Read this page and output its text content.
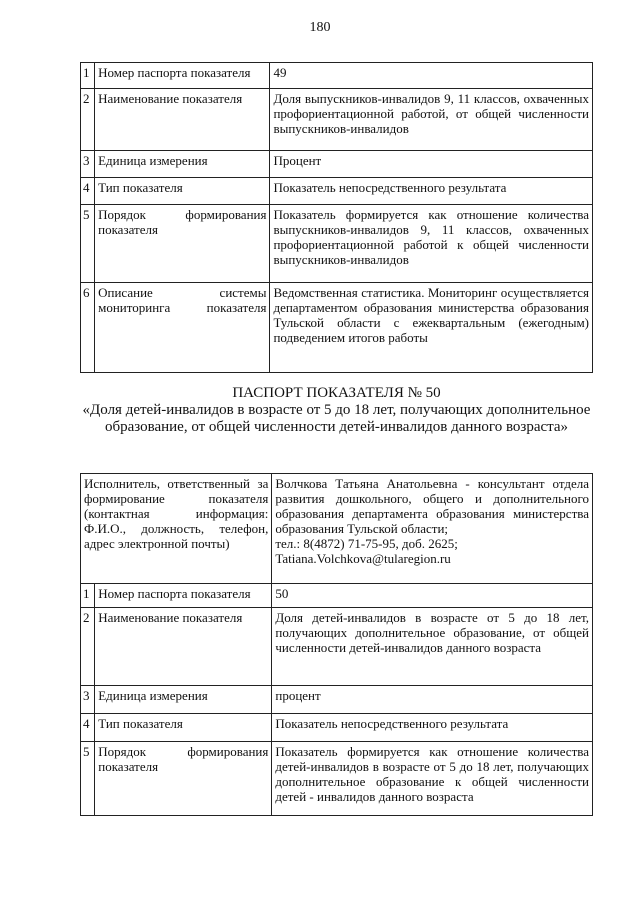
180
1	Номер паспорта показателя	49
2	Наименование показателя	Доля выпускников-инвалидов 9, 11 классов, охваченных профориентационной работой, от общей численности выпускников-инвалидов
3	Единица измерения	Процент
4	Тип показателя	Показатель непосредственного результата
5	Порядок формирования показателя	Показатель формируется как отношение количества выпускников-инвалидов 9, 11 классов, охваченных профориентационной работой к общей численности выпускников-инвалидов
6	Описание системы мониторинга показателя	Ведомственная статистика. Мониторинг осуществляется департаментом образования министерства образования Тульской области с ежеквартальным (ежегодным) подведением итогов работы
ПАСПОРТ ПОКАЗАТЕЛЯ № 50
«Доля детей-инвалидов в возрасте от 5 до 18 лет, получающих дополнительное образование, от общей численности детей-инвалидов данного возраста»
Исполнитель, ответственный за формирование показателя (контактная информация: Ф.И.О., должность, телефон, адрес электронной почты)		Волчкова Татьяна Анатольевна - консультант отдела развития дошкольного, общего и дополнительного образования департамента образования министерства образования Тульской области;
тел.: 8(4872) 71-75-95, доб. 2625;
Tatiana.Volchkova@tularegion.ru

1	Номер паспорта показателя	50
2	Наименование показателя	Доля детей-инвалидов в возрасте от 5 до 18 лет, получающих дополнительное образование, от общей численности детей-инвалидов данного возраста
3	Единица измерения	процент
4	Тип показателя	Показатель непосредственного результата
5	Порядок формирования показателя	Показатель формируется как отношение количества детей-инвалидов в возрасте от 5 до 18 лет, получающих дополнительное образование к общей численности детей - инвалидов данного возраста
